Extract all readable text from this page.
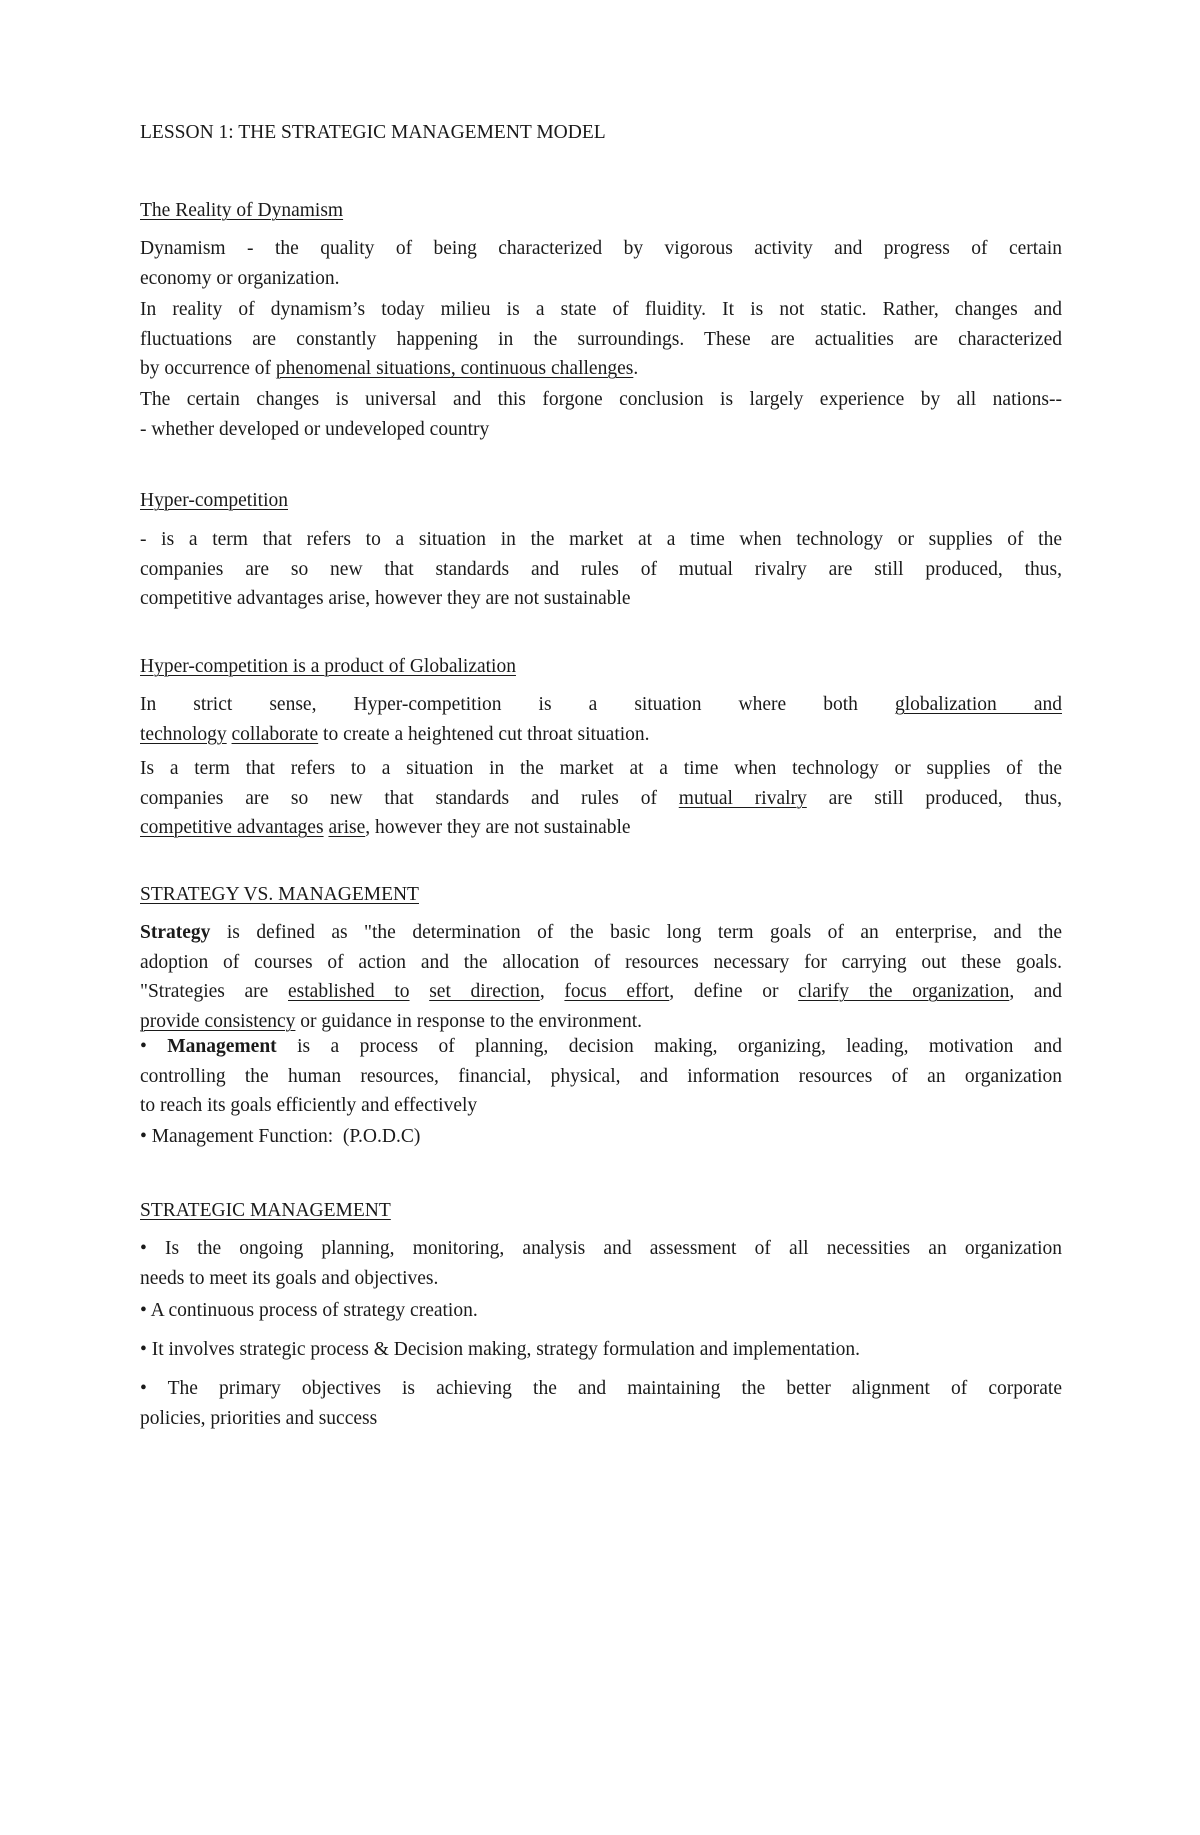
LESSON 1: THE STRATEGIC MANAGEMENT MODEL

The Reality of Dynamism

Dynamism - the quality of being characterized by vigorous activity and progress of certain
economy or organization.

In reality of dynamism’s today milieu is a state of fluidity. It is not static. Rather, changes and
fluctuations are constantly happening in the surroundings. These are actualities are characterized
by occurrence of phenomenal situations, continuous challenges.

The certain changes is universal and this forgone conclusion is largely experience by all nations--
- whether developed or undeveloped country

Hyper-competition

- is a term that refers to a situation in the market at a time when technology or supplies of the
companies are so new that standards and rules of mutual rivalry are still produced, thus,
competitive advantages arise, however they are not sustainable

Hyper-competition is a product of Globalization

In strict sense, Hyper-competition is a situation where both globalization and
technology collaborate to create a heightened cut throat situation.

Is a term that refers to a situation in the market at a time when technology or supplies of the
companies are so new that standards and rules of mutual rivalry are still produced, thus,
competitive advantages arise, however they are not sustainable

STRATEGY VS. MANAGEMENT

Strategy is defined as "the determination of the basic long term goals of an enterprise, and the
adoption of courses of action and the allocation of resources necessary for carrying out these goals.
"Strategies are established to set direction, focus effort, define or clarify the organization, and
provide consistency or guidance in response to the environment.

• Management is a process of planning, decision making, organizing, leading, motivation and
controlling the human resources, financial, physical, and information resources of an organization
to reach its goals efficiently and effectively

• Management Function:  (P.O.D.C)

STRATEGIC MANAGEMENT

• Is the ongoing planning, monitoring, analysis and assessment of all necessities an organization
needs to meet its goals and objectives.

• A continuous process of strategy creation.

• It involves strategic process & Decision making, strategy formulation and implementation.

• The primary objectives is achieving the and maintaining the better alignment of corporate
policies, priorities and success
